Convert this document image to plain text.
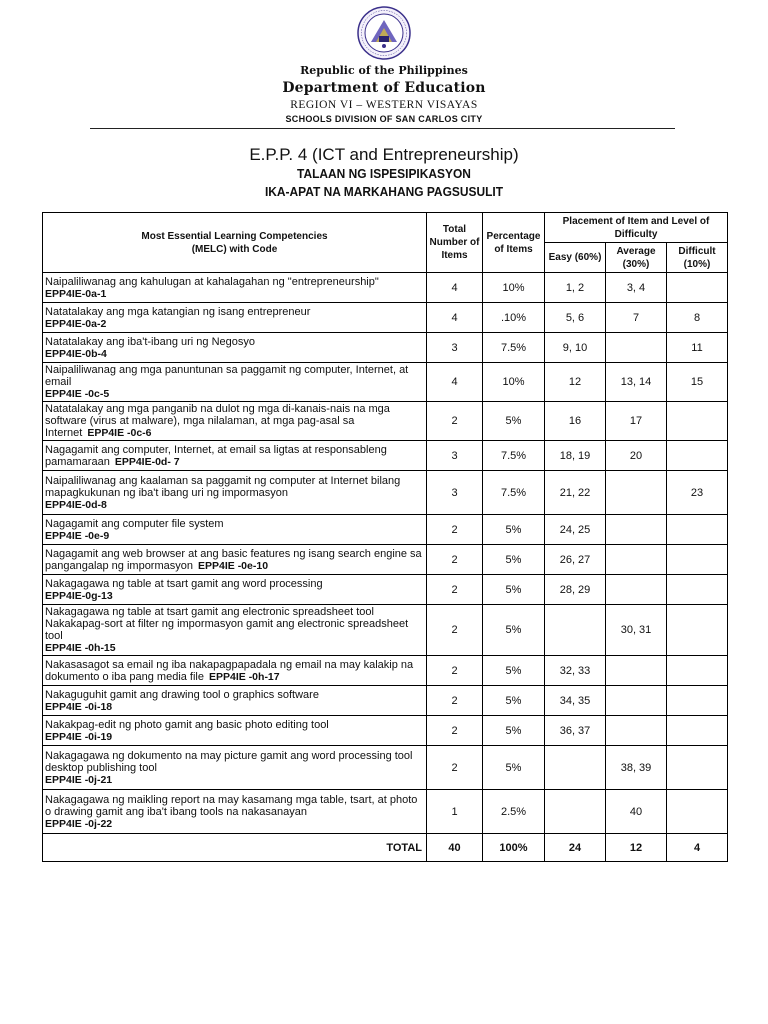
Republic of the Philippines
Department of Education
REGION VI – WESTERN VISAYAS
SCHOOLS DIVISION OF SAN CARLOS CITY
E.P.P. 4 (ICT and Entrepreneurship)
TALAAN NG ISPESIPIKASYON
IKA-APAT NA MARKAHANG PAGSUSULIT
Most Essential Learning Competencies
(MELC) with Code	Total Number of Items	Percentage of Items	Placement of Item and Level of Difficulty		
			Easy (60%)	Average (30%)	Difficult (10%)
Naipaliliwanag ang kahulugan at kahalagahan ng "entrepreneurship"
EPP4IE-0a-1	4	10%	1, 2	3, 4	
Natatalakay ang mga katangian ng isang entrepreneur
EPP4IE-0a-2	4	.10%	5, 6	7	8
Natatalakay ang iba't-ibang uri ng Negosyo
EPP4IE-0b-4	3	7.5%	9, 10		11
Naipaliliwanag ang mga panuntunan sa paggamit ng computer, Internet, at email
EPP4IE -0c-5	4	10%	12	13, 14	15
Natatalakay ang mga panganib na dulot ng mga di-kanais-nais na mga software (virus at malware), mga nilalaman, at mga pag-asal sa Internet EPP4IE -0c-6	2	5%	16	17	
Nagagamit ang computer, Internet, at email sa ligtas at responsableng pamamaraan EPP4IE-0d- 7	3	7.5%	18, 19	20	
Naipaliliwanag ang kaalaman sa paggamit ng computer at Internet bilang mapagkukunan ng iba't ibang uri ng impormasyon
EPP4IE-0d-8	3	7.5%	21, 22		23
Nagagamit ang computer file system
EPP4IE -0e-9	2	5%	24, 25		
Nagagamit ang web browser at ang basic features ng isang search engine sa pangangalap ng impormasyon EPP4IE -0e-10	2	5%	26, 27		
Nakagagawa ng table at tsart gamit ang word processing
EPP4IE-0g-13	2	5%	28, 29		
Nakagagawa ng table at tsart gamit ang electronic spreadsheet tool Nakakapag-sort at filter ng impormasyon gamit ang electronic spreadsheet tool
EPP4IE -0h-15	2	5%		30, 31	
Nakasasagot sa email ng iba nakapagpapadala ng email na may kalakip na dokumento o iba pang media file EPP4IE -0h-17	2	5%	32, 33		
Nakaguguhit gamit ang drawing tool o graphics software
EPP4IE -0i-18	2	5%	34, 35		
Nakakpag-edit ng photo gamit ang basic photo editing tool
EPP4IE -0i-19	2	5%	36, 37		
Nakagagawa ng dokumento na may picture gamit ang word processing tool desktop publishing tool
EPP4IE -0j-21	2	5%		38, 39	
Nakagagawa ng maikling report na may kasamang mga table, tsart, at photo o drawing gamit ang iba't ibang tools na nakasanayan
EPP4IE -0j-22	1	2.5%		40	
TOTAL	40	100%	24	12	4
